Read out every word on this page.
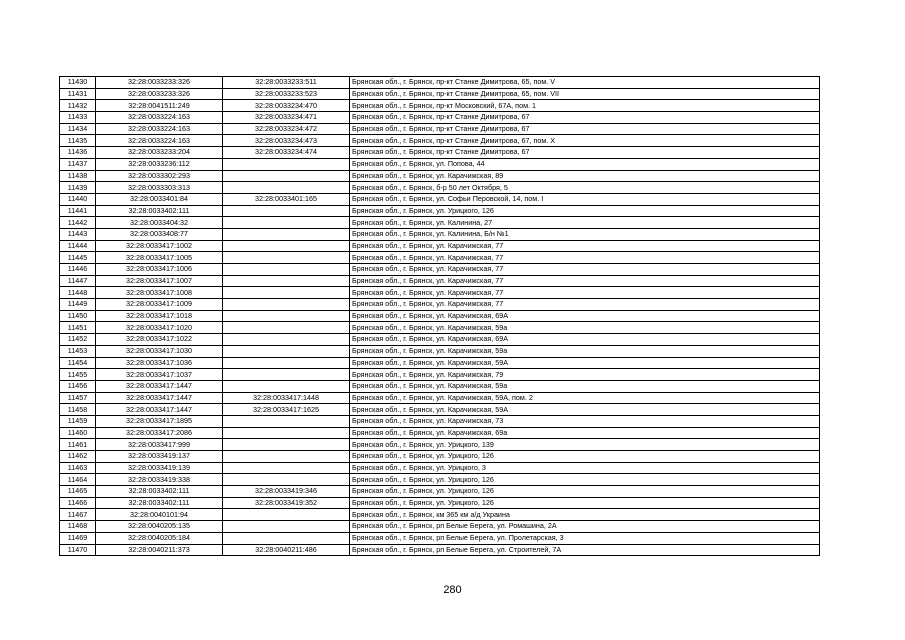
11430	32:28:0033233:326	32:28:0033233:511	Брянская обл., г. Брянск, пр-кт Станке Димитрова, 65, пом. V
11431	32:28:0033233:326	32:28:0033233:523	Брянская обл., г. Брянск, пр-кт Станке Димитрова, 65, пом. VII
11432	32:28:0041511:249	32:28:0033234:470	Брянская обл., г. Брянск, пр-кт Московский, 67А, пом. 1
11433	32:28:0033224:163	32:28:0033234:471	Брянская обл., г. Брянск, пр-кт Станке Димитрова, 67
11434	32:28:0033224:163	32:28:0033234:472	Брянская обл., г. Брянск, пр-кт Станке Димитрова, 67
11435	32:28:0033224:163	32:28:0033234:473	Брянская обл., г. Брянск, пр-кт Станке Димитрова, 67, пом. X
11436	32:28:0033233:204	32:28:0033234:474	Брянская обл., г. Брянск, пр-кт Станке Димитрова, 67
11437	32:28:0033236:112		Брянская обл., г. Брянск, ул. Попова, 44
11438	32:28:0033302:293		Брянская обл., г. Брянск, ул. Карачижская, 89
11439	32:28:0033303:313		Брянская обл., г. Брянск, б-р 50 лет Октября, 5
11440	32:28:0033401:84	32:28:0033401:165	Брянская обл., г. Брянск, ул. Софьи Перовской, 14, пом. I
11441	32:28:0033402:111		Брянская обл., г. Брянск, ул. Урицкого, 126
11442	32:28:0033404:32		Брянская обл., г. Брянск, ул. Калинина, 27
11443	32:28:0033408:77		Брянская обл., г. Брянск, ул. Калинина, Б/н №1
11444	32:28:0033417:1002		Брянская обл., г. Брянск, ул. Карачижская, 77
11445	32:28:0033417:1005		Брянская обл., г. Брянск, ул. Карачижская, 77
11446	32:28:0033417:1006		Брянская обл., г. Брянск, ул. Карачижская, 77
11447	32:28:0033417:1007		Брянская обл., г. Брянск, ул. Карачижская, 77
11448	32:28:0033417:1008		Брянская обл., г. Брянск, ул. Карачижская, 77
11449	32:28:0033417:1009		Брянская обл., г. Брянск, ул. Карачижская, 77
11450	32:28:0033417:1018		Брянская обл., г. Брянск, ул. Карачижская, 69А
11451	32:28:0033417:1020		Брянская обл., г. Брянск, ул. Карачижская, 59а
11452	32:28:0033417:1022		Брянская обл., г. Брянск, ул. Карачижская, 69А
11453	32:28:0033417:1030		Брянская обл., г. Брянск, ул. Карачижская, 59а
11454	32:28:0033417:1036		Брянская обл., г. Брянск, ул. Карачижская, 59А
11455	32:28:0033417:1037		Брянская обл., г. Брянск, ул. Карачижская, 79
11456	32:28:0033417:1447		Брянская обл., г. Брянск, ул. Карачижская, 59а
11457	32:28:0033417:1447	32:28:0033417:1448	Брянская обл., г. Брянск, ул. Карачижская, 59А, пом. 2
11458	32:28:0033417:1447	32:28:0033417:1625	Брянская обл., г. Брянск, ул. Карачижская, 59А
11459	32:28:0033417:1895		Брянская обл., г. Брянск, ул. Карачижская, 73
11460	32:28:0033417:2086		Брянская обл., г. Брянск, ул. Карачижская, 69а
11461	32:28:0033417:999		Брянская обл., г. Брянск, ул. Урицкого, 139
11462	32:28:0033419:137		Брянская обл., г. Брянск, ул. Урицкого, 126
11463	32:28:0033419:139		Брянская обл., г. Брянск, ул. Урицкого, 3
11464	32:28:0033419:338		Брянская обл., г. Брянск, ул. Урицкого, 126
11465	32:28:0033402:111	32:28:0033419:346	Брянская обл., г. Брянск, ул. Урицкого, 126
11466	32:28:0033402:111	32:28:0033419:352	Брянская обл., г. Брянск, ул. Урицкого, 126
11467	32:28:0040101:94		Брянская обл., г. Брянск, км 365 км а/д Украина
11468	32:28:0040205:135		Брянская обл., г. Брянск, рп Белые Берега, ул. Ромашина, 2А
11469	32:28:0040205:184		Брянская обл., г. Брянск, рп Белые Берега, ул. Пролетарская, 3
11470	32:28:0040211:373	32:28:0040211:486	Брянская обл., г. Брянск, рп Белые Берега, ул. Строителей, 7А
280
